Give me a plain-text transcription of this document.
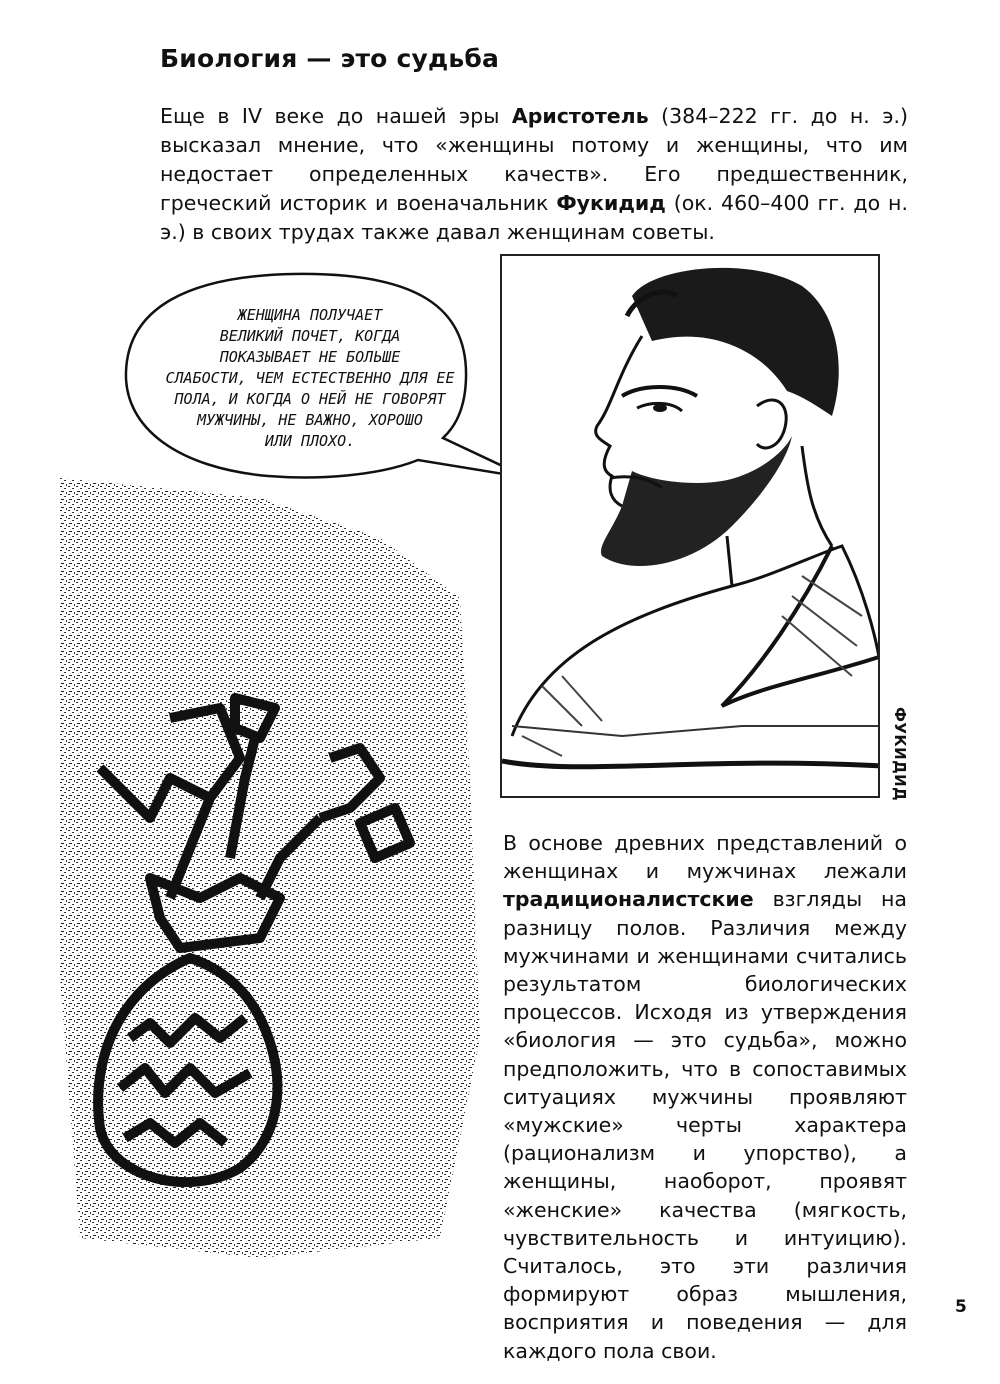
Биология — это судьба

Еще в IV веке до нашей эры Аристотель (384–222 гг. до н. э.) высказал мнение, что «женщины потому и женщины, что им недостает определенных качеств». Его предшественник, греческий историк и военачальник Фукидид (ок. 460–400 гг. до н. э.) в своих трудах также давал женщинам советы.

ЖЕНЩИНА ПОЛУЧАЕТ
ВЕЛИКИЙ ПОЧЕТ, КОГДА
ПОКАЗЫВАЕТ НЕ БОЛЬШЕ
СЛАБОСТИ, ЧЕМ ЕСТЕСТВЕННО ДЛЯ ЕЕ
ПОЛА, И КОГДА О НЕЙ НЕ ГОВОРЯТ
МУЖЧИНЫ, НЕ ВАЖНО, ХОРОШО
ИЛИ ПЛОХО.
ФУКИДИД

В основе древних представлений о женщинах и мужчинах лежали традиционалистские взгляды на разницу полов. Различия между мужчинами и женщинами считались результатом биологических процессов. Исходя из утверждения «биология — это судьба», можно предположить, что в сопоставимых ситуациях мужчины проявляют «мужские» черты характера (рационализм и упорство), а женщины, наоборот, проявят «женские» качества (мягкость, чувствительность и интуицию). Считалось, это эти различия формируют образ мышления, восприятия и поведения — для каждого пола свои.

5
